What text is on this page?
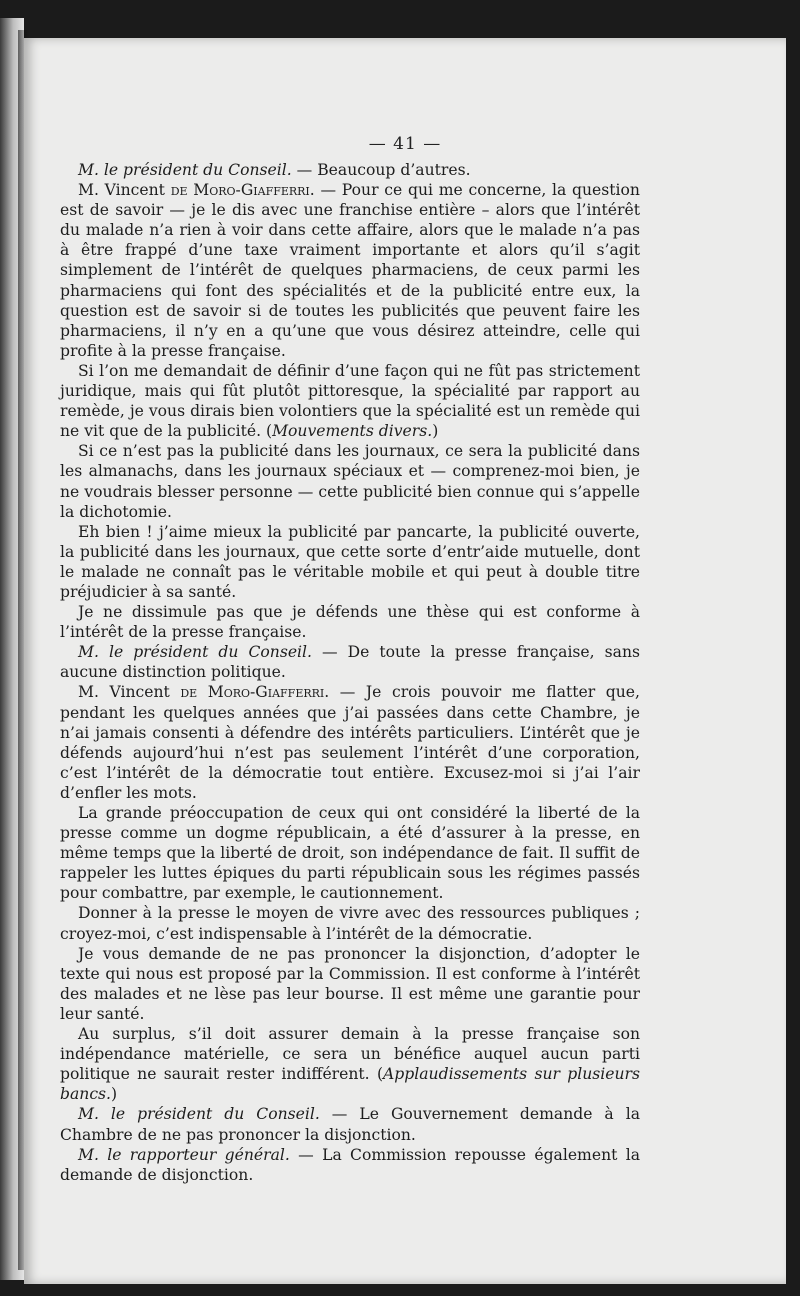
— 41 —
M. le président du Conseil. — Beaucoup d’autres.
M. Vincent de Moro-Giafferri. — Pour ce qui me concerne, la question est de savoir — je le dis avec une franchise entière – alors que l’intérêt du malade n’a rien à voir dans cette affaire, alors que le malade n’a pas à être frappé d’une taxe vraiment importante et alors qu’il s’agit simplement de l’intérêt de quelques pharmaciens, de ceux parmi les pharmaciens qui font des spécialités et de la publicité entre eux, la question est de savoir si de toutes les publicités que peuvent faire les pharmaciens, il n’y en a qu’une que vous désirez atteindre, celle qui profite à la presse française.
Si l’on me demandait de définir d’une façon qui ne fût pas strictement juridique, mais qui fût plutôt pittoresque, la spécialité par rapport au remède, je vous dirais bien volontiers que la spécialité est un remède qui ne vit que de la publicité. (Mouvements divers.)
Si ce n’est pas la publicité dans les journaux, ce sera la publicité dans les almanachs, dans les journaux spéciaux et — comprenez-moi bien, je ne voudrais blesser personne — cette publicité bien connue qui s’appelle la dichotomie.
Eh bien ! j’aime mieux la publicité par pancarte, la publicité ouverte, la publicité dans les journaux, que cette sorte d’entr’aide mutuelle, dont le malade ne connaît pas le véritable mobile et qui peut à double titre préjudicier à sa santé.
Je ne dissimule pas que je défends une thèse qui est conforme à l’intérêt de la presse française.
M. le président du Conseil. — De toute la presse française, sans aucune distinction politique.
M. Vincent de Moro-Giafferri. — Je crois pouvoir me flatter que, pendant les quelques années que j’ai passées dans cette Chambre, je n’ai jamais consenti à défendre des intérêts particuliers. L’intérêt que je défends aujourd’hui n’est pas seulement l’intérêt d’une corporation, c’est l’intérêt de la démocratie tout entière. Excusez-moi si j’ai l’air d’enfler les mots.
La grande préoccupation de ceux qui ont considéré la liberté de la presse comme un dogme républicain, a été d’assurer à la presse, en même temps que la liberté de droit, son indépendance de fait. Il suffit de rappeler les luttes épiques du parti républicain sous les régimes passés pour combattre, par exemple, le cautionnement.
Donner à la presse le moyen de vivre avec des ressources publiques ; croyez-moi, c’est indispensable à l’intérêt de la démocratie.
Je vous demande de ne pas prononcer la disjonction, d’adopter le texte qui nous est proposé par la Commission. Il est conforme à l’intérêt des malades et ne lèse pas leur bourse. Il est même une garantie pour leur santé.
Au surplus, s’il doit assurer demain à la presse française son indépendance matérielle, ce sera un bénéfice auquel aucun parti politique ne saurait rester indifférent. (Applaudissements sur plusieurs bancs.)
M. le président du Conseil. — Le Gouvernement demande à la Chambre de ne pas prononcer la disjonction.
M. le rapporteur général. — La Commission repousse également la demande de disjonction.
